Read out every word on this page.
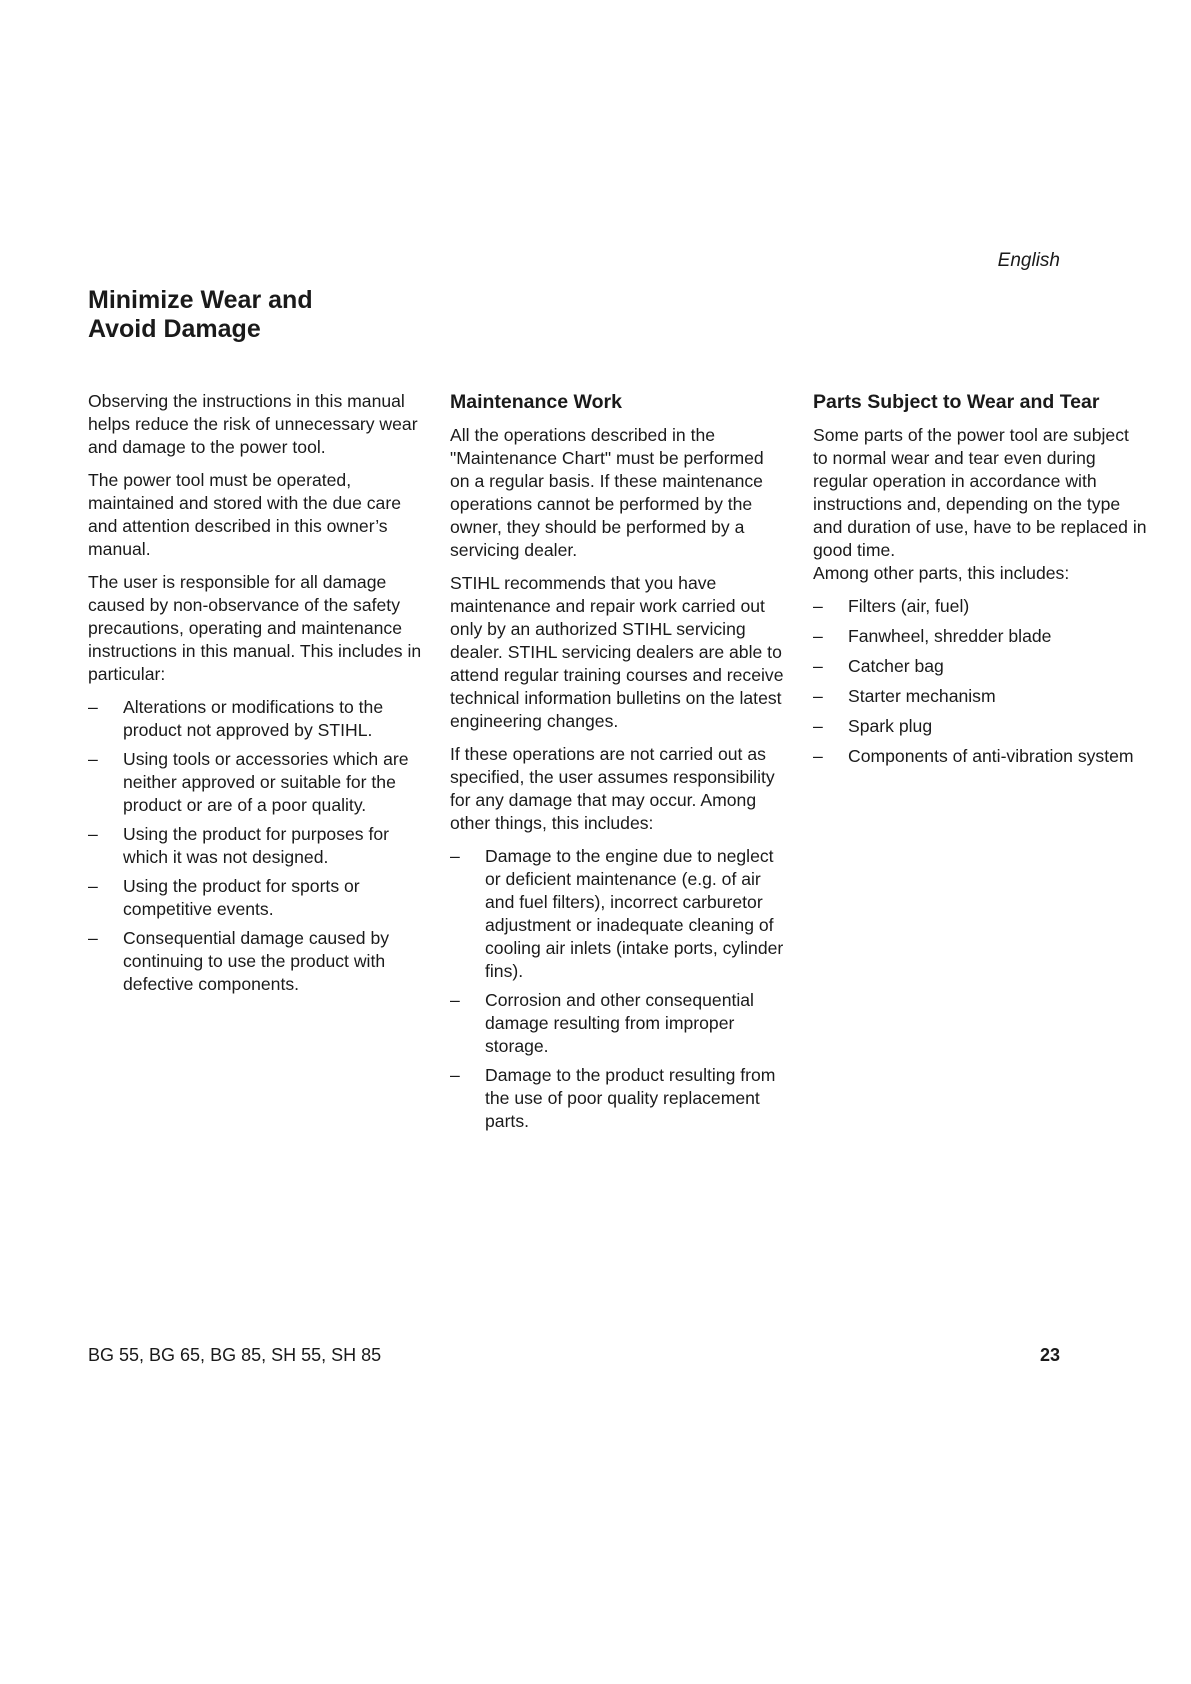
English
Minimize Wear and
Avoid Damage

Observing the instructions in this manual helps reduce the risk of unnecessary wear and damage to the power tool.

The power tool must be operated, maintained and stored with the due care and attention described in this owner’s manual.

The user is responsible for all damage caused by non-observance of the safety precautions, operating and maintenance instructions in this manual. This includes in particular:

– Alterations or modifications to the product not approved by STIHL.
– Using tools or accessories which are neither approved or suitable for the product or are of a poor quality.
– Using the product for purposes for which it was not designed.
– Using the product for sports or competitive events.
– Consequential damage caused by continuing to use the product with defective components.
Maintenance Work

All the operations described in the "Maintenance Chart" must be performed on a regular basis. If these maintenance operations cannot be performed by the owner, they should be performed by a servicing dealer.

STIHL recommends that you have maintenance and repair work carried out only by an authorized STIHL servicing dealer. STIHL servicing dealers are able to attend regular training courses and receive technical information bulletins on the latest engineering changes.

If these operations are not carried out as specified, the user assumes responsibility for any damage that may occur. Among other things, this includes:

– Damage to the engine due to neglect or deficient maintenance (e.g. of air and fuel filters), incorrect carburetor adjustment or inadequate cleaning of cooling air inlets (intake ports, cylinder fins).
– Corrosion and other consequential damage resulting from improper storage.
– Damage to the product resulting from the use of poor quality replacement parts.
Parts Subject to Wear and Tear

Some parts of the power tool are subject to normal wear and tear even during regular operation in accordance with instructions and, depending on the type and duration of use, have to be replaced in good time.

Among other parts, this includes:

– Filters (air, fuel)
– Fanwheel, shredder blade
– Catcher bag
– Starter mechanism
– Spark plug
– Components of anti-vibration system
BG 55, BG 65, BG 85, SH 55, SH 85	23
